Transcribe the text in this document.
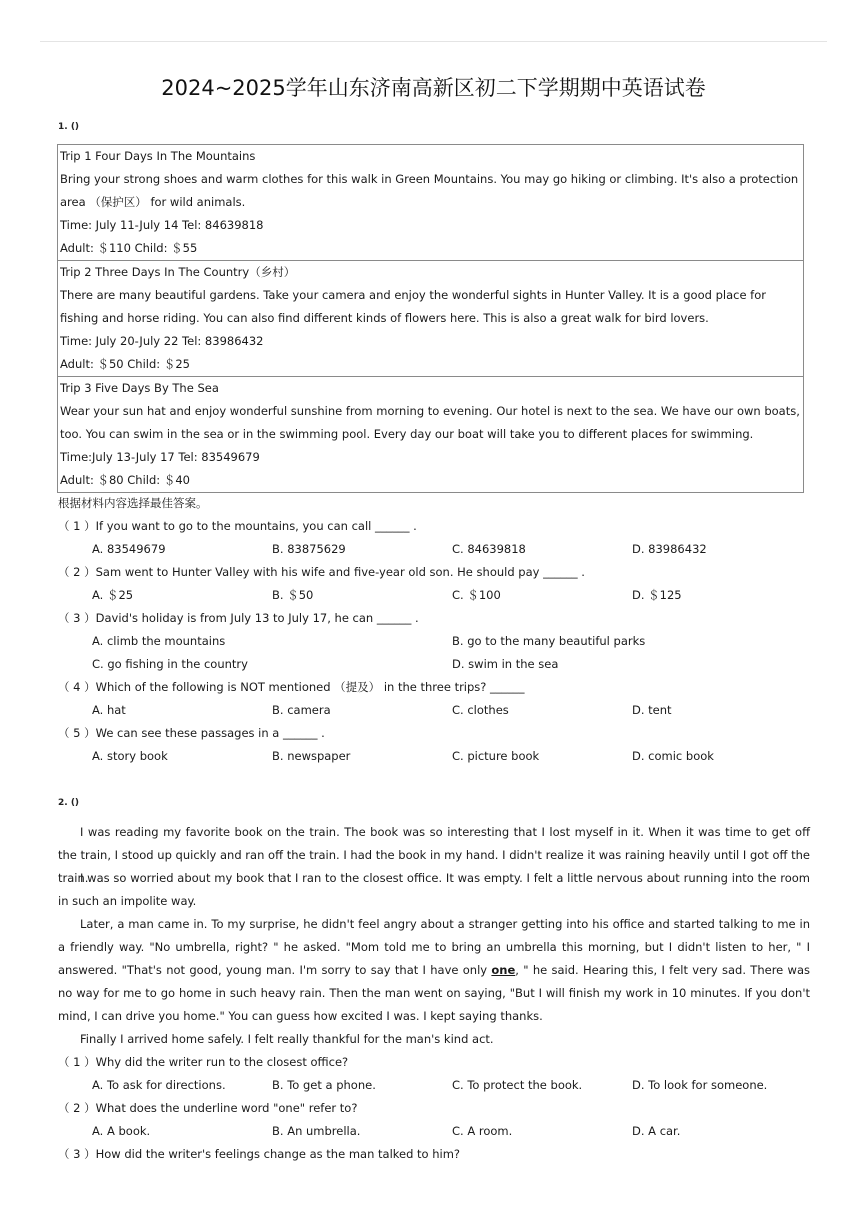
2024~2025学年山东济南高新区初二下学期期中英语试卷
1. ()
Trip 1 Four Days In The Mountains
Bring your strong shoes and warm clothes for this walk in Green Mountains. You may go hiking or climbing. It's also a protection area （保护区） for wild animals.
Time: July 11-July 14 Tel: 84639818
Adult: ＄110 Child: ＄55
Trip 2 Three Days In The Country（乡村）
There are many beautiful gardens. Take your camera and enjoy the wonderful sights in Hunter Valley. It is a good place for fishing and horse riding. You can also find different kinds of flowers here. This is also a great walk for bird lovers.
Time: July 20-July 22 Tel: 83986432
Adult: ＄50 Child: ＄25
Trip 3 Five Days By The Sea
Wear your sun hat and enjoy wonderful sunshine from morning to evening. Our hotel is next to the sea. We have our own boats, too. You can swim in the sea or in the swimming pool. Every day our boat will take you to different places for swimming.
Time:July 13-July 17 Tel: 83549679
Adult: ＄80 Child: ＄40
根据材料内容选择最佳答案。
（ 1 ）If you want to go to the mountains, you can call ______ .
A. 83549679	B. 83875629	C. 84639818	D. 83986432
（ 2 ）Sam went to Hunter Valley with his wife and five-year old son. He should pay ______ .
A. ＄25	B. ＄50	C. ＄100	D. ＄125
（ 3 ）David's holiday is from July 13 to July 17, he can ______ .
A. climb the mountains	B. go to the many beautiful parks
C. go fishing in the country	D. swim in the sea
（ 4 ）Which of the following is NOT mentioned （提及） in the three trips? ______
A. hat	B. camera	C. clothes	D. tent
（ 5 ）We can see these passages in a ______ .
A. story book	B. newspaper	C. picture book	D. comic book
2. ()
I was reading my favorite book on the train. The book was so interesting that I lost myself in it. When it was time to get off the train, I stood up quickly and ran off the train. I had the book in my hand. I didn't realize it was raining heavily until I got off the train.
I was so worried about my book that I ran to the closest office. It was empty. I felt a little nervous about running into the room in such an impolite way.
Later, a man came in. To my surprise, he didn't feel angry about a stranger getting into his office and started talking to me in a friendly way. "No umbrella, right? " he asked. "Mom told me to bring an umbrella this morning, but I didn't listen to her, " I answered. "That's not good, young man. I'm sorry to say that I have only one, " he said. Hearing this, I felt very sad. There was no way for me to go home in such heavy rain. Then the man went on saying, "But I will finish my work in 10 minutes. If you don't mind, I can drive you home." You can guess how excited I was. I kept saying thanks.
Finally I arrived home safely. I felt really thankful for the man's kind act.
（ 1 ）Why did the writer run to the closest office?
A. To ask for directions.	B. To get a phone.	C. To protect the book.	D. To look for someone.
（ 2 ）What does the underline word "one" refer to?
A. A book.	B. An umbrella.	C. A room.	D. A car.
（ 3 ）How did the writer's feelings change as the man talked to him?
